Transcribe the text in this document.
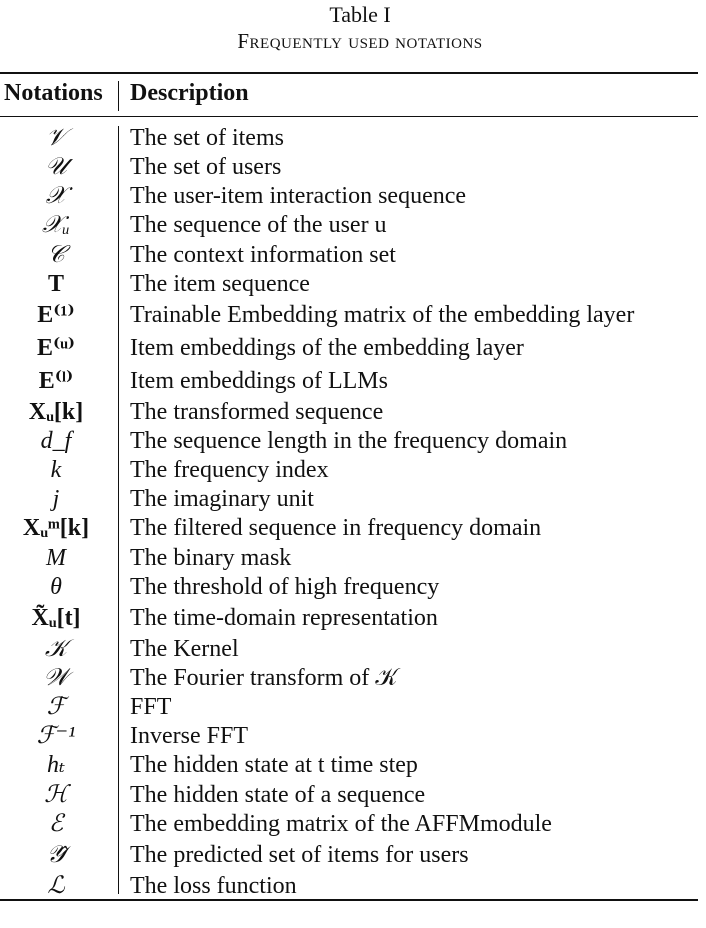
Table I
Frequently used notations
Notations Description
𝒱	The set of items
𝒰	The set of users
𝒳	The user-item interaction sequence
𝒳ᵤ	The sequence of the user u
𝒞	The context information set
T	The item sequence
E⁽¹⁾	Trainable Embedding matrix of the embedding layer
E⁽ᵘ⁾	Item embeddings of the embedding layer
E⁽ˡ⁾	Item embeddings of LLMs
Xᵤ[k]	The transformed sequence
d_f	The sequence length in the frequency domain
k	The frequency index
j	The imaginary unit
Xᵤᵐ[k]	The filtered sequence in frequency domain
M	The binary mask
θ	The threshold of high frequency
X̃ᵤ[t]	The time-domain representation
𝒦	The Kernel
𝒲	The Fourier transform of 𝒦
ℱ	FFT
ℱ⁻¹	Inverse FFT
hₜ	The hidden state at t time step
ℋ	The hidden state of a sequence
ℰ	The embedding matrix of the AFFMmodule
𝒴̂	The predicted set of items for users
ℒ	The loss function
